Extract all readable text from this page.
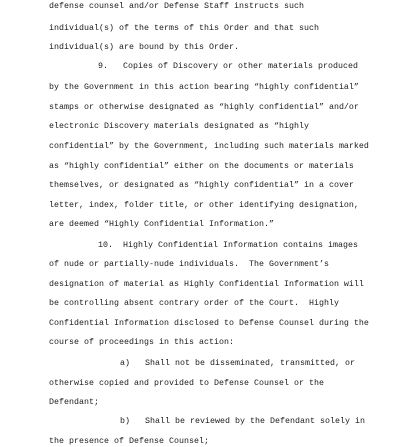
defense counsel and/or Defense Staff instructs such
individual(s) of the terms of this Order and that such
individual(s) are bound by this Order.
9.   Copies of Discovery or other materials produced
by the Government in this action bearing “highly confidential”
stamps or otherwise designated as “highly confidential” and/or
electronic Discovery materials designated as “highly
confidential” by the Government, including such materials marked
as “highly confidential” either on the documents or materials
themselves, or designated as “highly confidential” in a cover
letter, index, folder title, or other identifying designation,
are deemed “Highly Confidential Information.”
10.  Highly Confidential Information contains images
of nude or partially-nude individuals.  The Government’s
designation of material as Highly Confidential Information will
be controlling absent contrary order of the Court.  Highly
Confidential Information disclosed to Defense Counsel during the
course of proceedings in this action:
a)   Shall not be disseminated, transmitted, or
otherwise copied and provided to Defense Counsel or the
Defendant;
b)   Shall be reviewed by the Defendant solely in
the presence of Defense Counsel;
